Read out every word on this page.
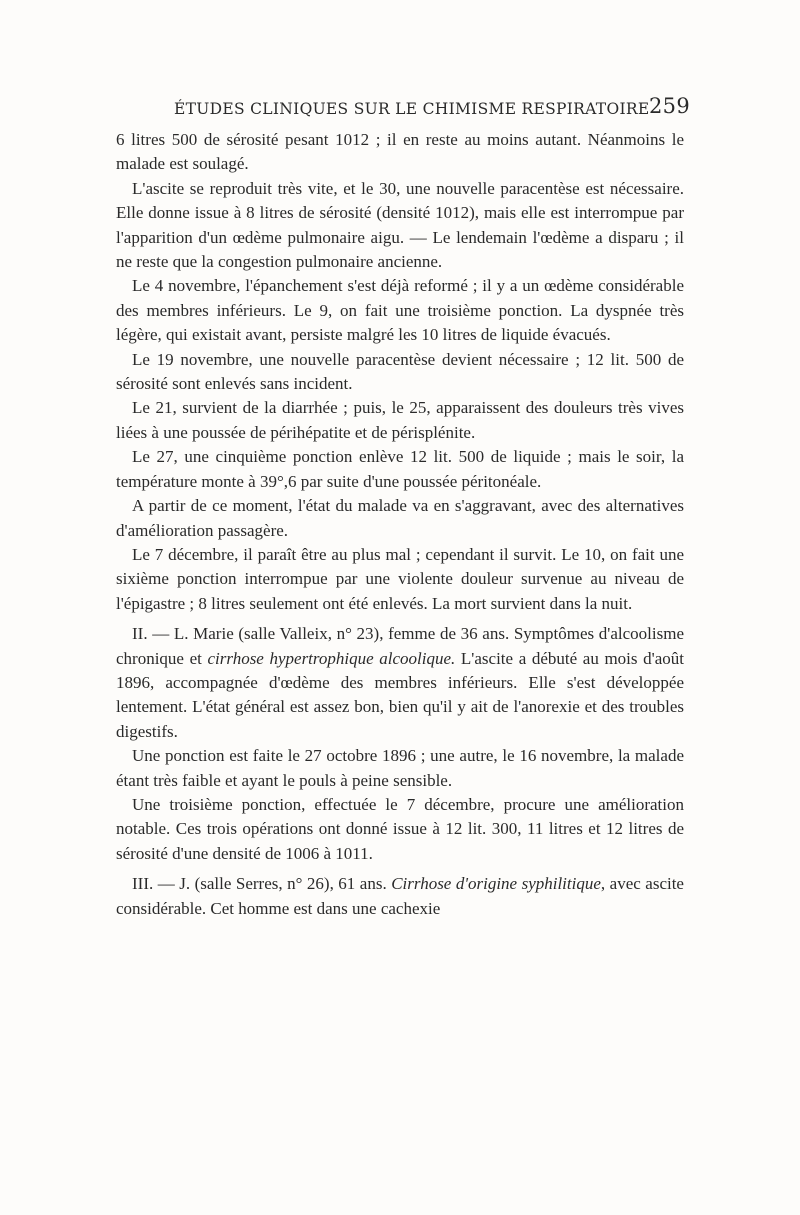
ÉTUDES CLINIQUES SUR LE CHIMISME RESPIRATOIRE 259

6 litres 500 de sérosité pesant 1012 ; il en reste au moins autant. Néanmoins le malade est soulagé.

L'ascite se reproduit très vite, et le 30, une nouvelle paracentèse est nécessaire. Elle donne issue à 8 litres de sérosité (densité 1012), mais elle est interrompue par l'apparition d'un œdème pulmonaire aigu. — Le lendemain l'œdème a disparu ; il ne reste que la congestion pulmonaire ancienne.

Le 4 novembre, l'épanchement s'est déjà reformé ; il y a un œdème considérable des membres inférieurs. Le 9, on fait une troisième ponction. La dyspnée très légère, qui existait avant, persiste malgré les 10 litres de liquide évacués.

Le 19 novembre, une nouvelle paracentèse devient nécessaire ; 12 lit. 500 de sérosité sont enlevés sans incident.

Le 21, survient de la diarrhée ; puis, le 25, apparaissent des douleurs très vives liées à une poussée de périhépatite et de périsplénite.

Le 27, une cinquième ponction enlève 12 lit. 500 de liquide ; mais le soir, la température monte à 39°,6 par suite d'une poussée péritonéale.

A partir de ce moment, l'état du malade va en s'aggravant, avec des alternatives d'amélioration passagère.

Le 7 décembre, il paraît être au plus mal ; cependant il survit. Le 10, on fait une sixième ponction interrompue par une violente douleur survenue au niveau de l'épigastre ; 8 litres seulement ont été enlevés. La mort survient dans la nuit.

II. — L. Marie (salle Valleix, n° 23), femme de 36 ans. Symptômes d'alcoolisme chronique et cirrhose hypertrophique alcoolique. L'ascite a débuté au mois d'août 1896, accompagnée d'œdème des membres inférieurs. Elle s'est développée lentement. L'état général est assez bon, bien qu'il y ait de l'anorexie et des troubles digestifs.

Une ponction est faite le 27 octobre 1896 ; une autre, le 16 novembre, la malade étant très faible et ayant le pouls à peine sensible.

Une troisième ponction, effectuée le 7 décembre, procure une amélioration notable. Ces trois opérations ont donné issue à 12 lit. 300, 11 litres et 12 litres de sérosité d'une densité de 1006 à 1011.

III. — J. (salle Serres, n° 26), 61 ans. Cirrhose d'origine syphilitique, avec ascite considérable. Cet homme est dans une cachexie
